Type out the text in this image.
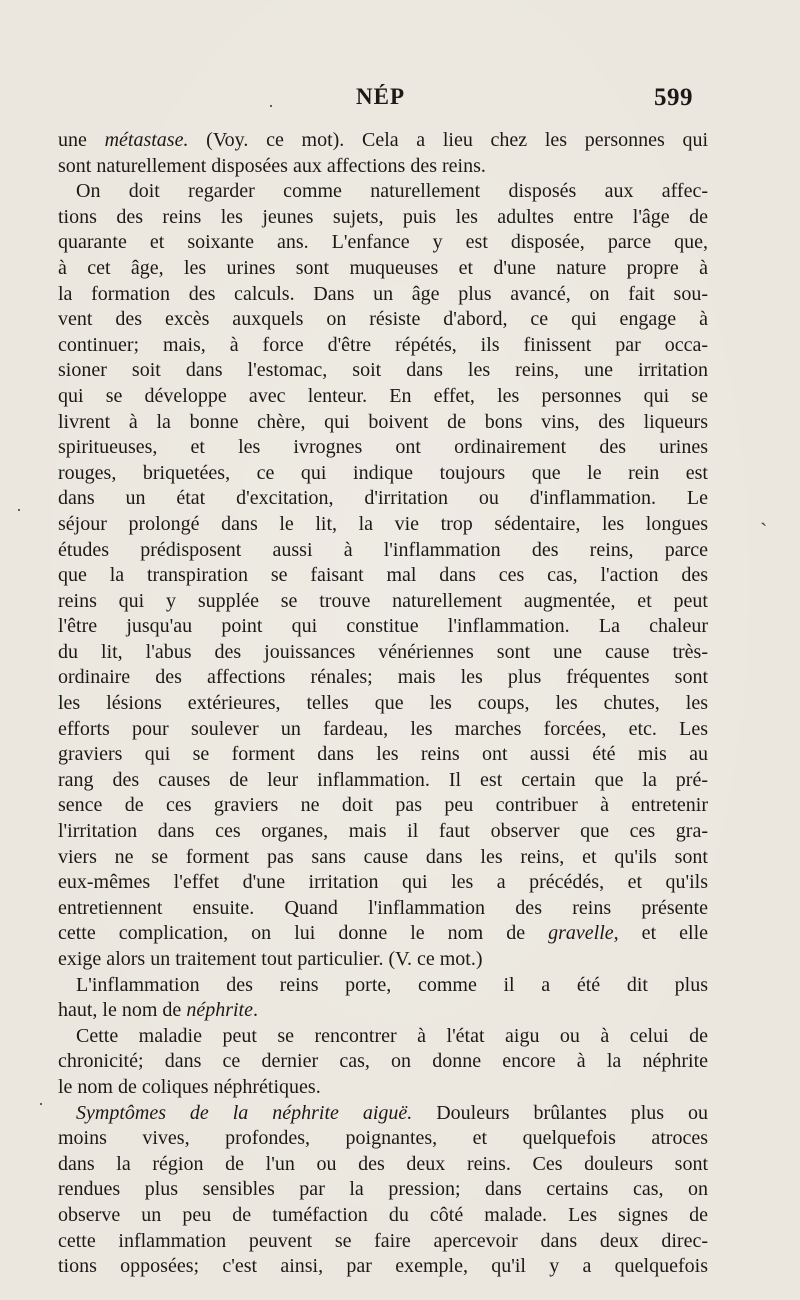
NÉP	599
une métastase. (Voy. ce mot). Cela a lieu chez les personnes qui
sont naturellement disposées aux affections des reins.
On doit regarder comme naturellement disposés aux affec-
tions des reins les jeunes sujets, puis les adultes entre l'âge de
quarante et soixante ans. L'enfance y est disposée, parce que,
à cet âge, les urines sont muqueuses et d'une nature propre à
la formation des calculs. Dans un âge plus avancé, on fait sou-
vent des excès auxquels on résiste d'abord, ce qui engage à
continuer; mais, à force d'être répétés, ils finissent par occa-
sioner soit dans l'estomac, soit dans les reins, une irritation
qui se développe avec lenteur. En effet, les personnes qui se
livrent à la bonne chère, qui boivent de bons vins, des liqueurs
spiritueuses, et les ivrognes ont ordinairement des urines
rouges, briquetées, ce qui indique toujours que le rein est
dans un état d'excitation, d'irritation ou d'inflammation. Le
séjour prolongé dans le lit, la vie trop sédentaire, les longues
études prédisposent aussi à l'inflammation des reins, parce
que la transpiration se faisant mal dans ces cas, l'action des
reins qui y supplée se trouve naturellement augmentée, et peut
l'être jusqu'au point qui constitue l'inflammation. La chaleur
du lit, l'abus des jouissances vénériennes sont une cause très-
ordinaire des affections rénales; mais les plus fréquentes sont
les lésions extérieures, telles que les coups, les chutes, les
efforts pour soulever un fardeau, les marches forcées, etc. Les
graviers qui se forment dans les reins ont aussi été mis au
rang des causes de leur inflammation. Il est certain que la pré-
sence de ces graviers ne doit pas peu contribuer à entretenir
l'irritation dans ces organes, mais il faut observer que ces gra-
viers ne se forment pas sans cause dans les reins, et qu'ils sont
eux-mêmes l'effet d'une irritation qui les a précédés, et qu'ils
entretiennent ensuite. Quand l'inflammation des reins présente
cette complication, on lui donne le nom de gravelle, et elle
exige alors un traitement tout particulier. (V. ce mot.)
L'inflammation des reins porte, comme il a été dit plus
haut, le nom de néphrite.
Cette maladie peut se rencontrer à l'état aigu ou à celui de
chronicité; dans ce dernier cas, on donne encore à la néphrite
le nom de coliques néphrétiques.
Symptômes de la néphrite aiguë. Douleurs brûlantes plus ou
moins vives, profondes, poignantes, et quelquefois atroces
dans la région de l'un ou des deux reins. Ces douleurs sont
rendues plus sensibles par la pression; dans certains cas, on
observe un peu de tuméfaction du côté malade. Les signes de
cette inflammation peuvent se faire apercevoir dans deux direc-
tions opposées; c'est ainsi, par exemple, qu'il y a quelquefois
·
˴
·
·
